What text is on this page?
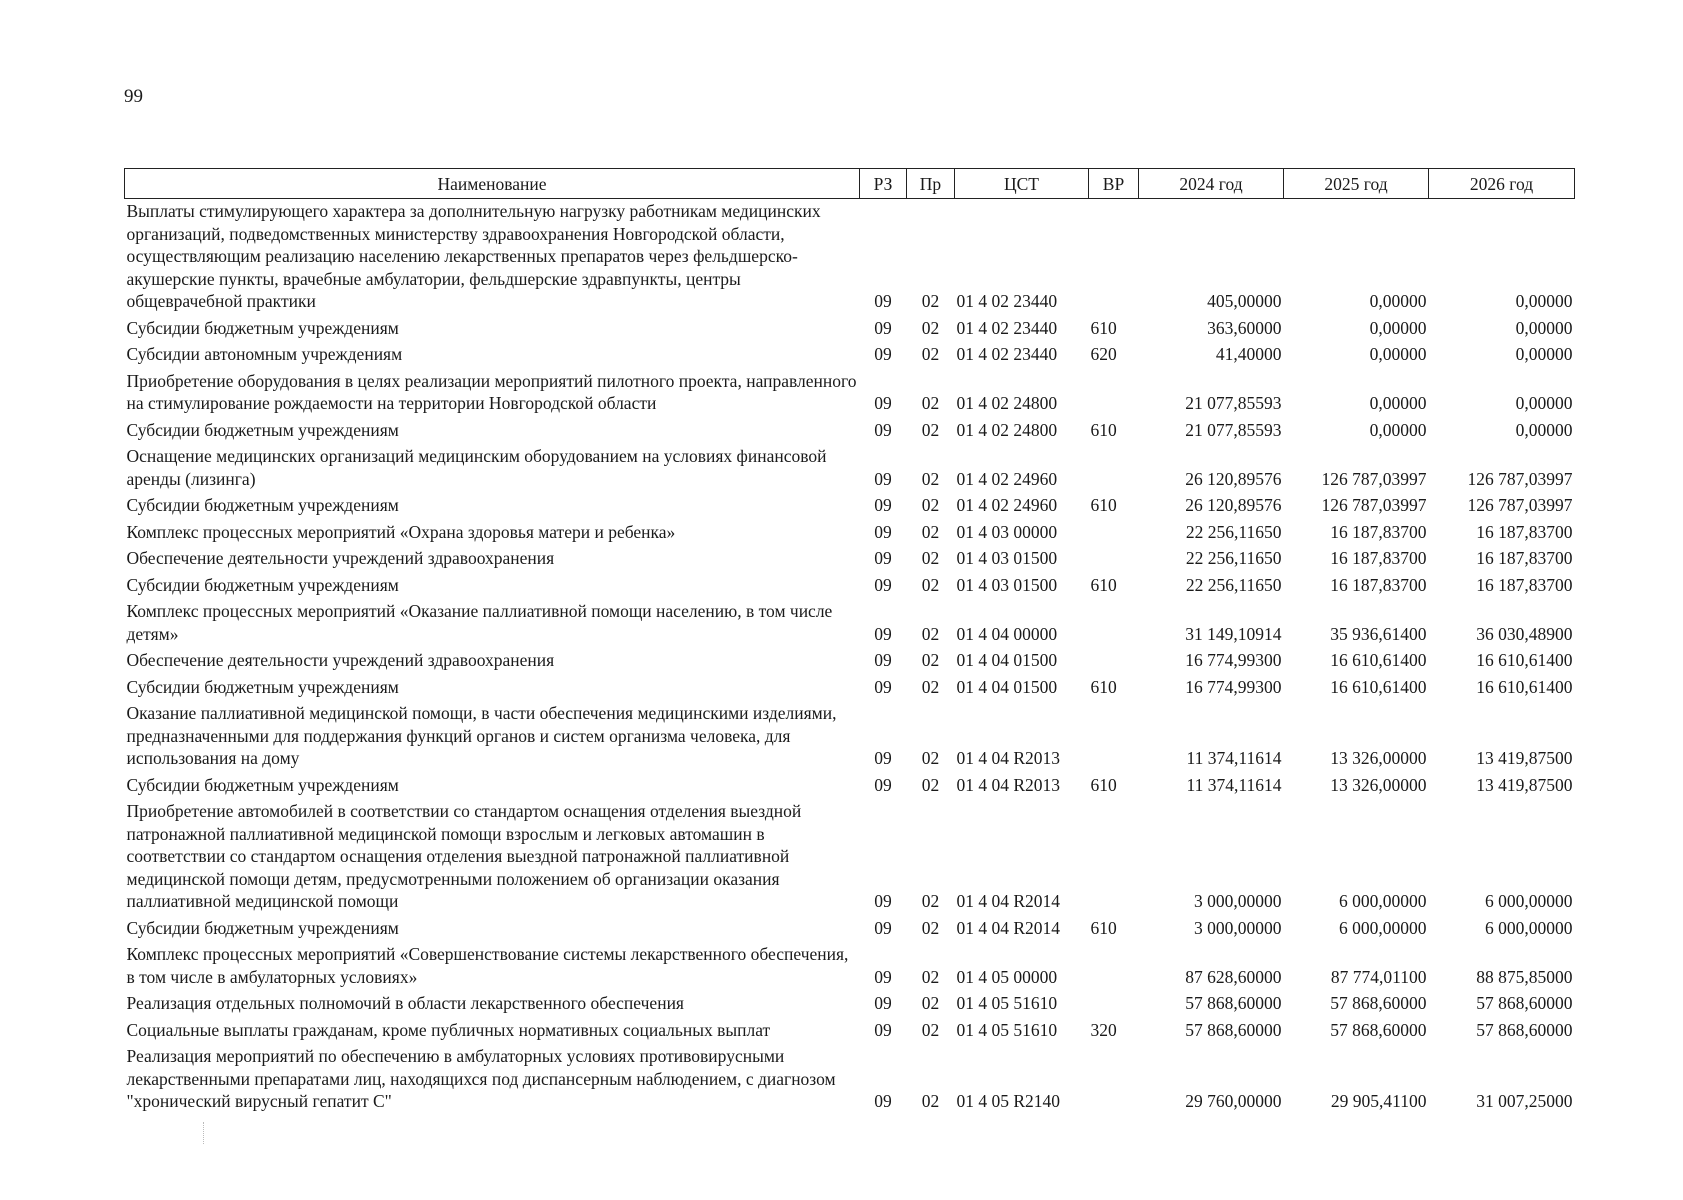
99
Наименование	РЗ	Пр	ЦСТ	ВР	2024 год	2025 год	2026 год
Выплаты стимулирующего характера за дополнительную нагрузку работникам медицинских организаций, подведомственных министерству здравоохранения Новгородской области, осуществляющим реализацию населению лекарственных препаратов через фельдшерско-акушерские пункты, врачебные амбулатории, фельдшерские здравпункты, центры общеврачебной практики	09	02	01 4 02 23440		405,00000	0,00000	0,00000
Субсидии бюджетным учреждениям	09	02	01 4 02 23440	610	363,60000	0,00000	0,00000
Субсидии автономным учреждениям	09	02	01 4 02 23440	620	41,40000	0,00000	0,00000
Приобретение оборудования в целях реализации мероприятий пилотного проекта, направленного на стимулирование рождаемости на территории Новгородской области	09	02	01 4 02 24800		21 077,85593	0,00000	0,00000
Субсидии бюджетным учреждениям	09	02	01 4 02 24800	610	21 077,85593	0,00000	0,00000
Оснащение медицинских организаций медицинским оборудованием на условиях финансовой аренды (лизинга)	09	02	01 4 02 24960		26 120,89576	126 787,03997	126 787,03997
Субсидии бюджетным учреждениям	09	02	01 4 02 24960	610	26 120,89576	126 787,03997	126 787,03997
Комплекс процессных мероприятий «Охрана здоровья матери и ребенка»	09	02	01 4 03 00000		22 256,11650	16 187,83700	16 187,83700
Обеспечение деятельности учреждений здравоохранения	09	02	01 4 03 01500		22 256,11650	16 187,83700	16 187,83700
Субсидии бюджетным учреждениям	09	02	01 4 03 01500	610	22 256,11650	16 187,83700	16 187,83700
Комплекс процессных мероприятий «Оказание паллиативной помощи населению, в том числе детям»	09	02	01 4 04 00000		31 149,10914	35 936,61400	36 030,48900
Обеспечение деятельности учреждений здравоохранения	09	02	01 4 04 01500		16 774,99300	16 610,61400	16 610,61400
Субсидии бюджетным учреждениям	09	02	01 4 04 01500	610	16 774,99300	16 610,61400	16 610,61400
Оказание паллиативной медицинской помощи, в части обеспечения медицинскими изделиями, предназначенными для поддержания функций органов и систем организма человека, для использования на дому	09	02	01 4 04 R2013		11 374,11614	13 326,00000	13 419,87500
Субсидии бюджетным учреждениям	09	02	01 4 04 R2013	610	11 374,11614	13 326,00000	13 419,87500
Приобретение автомобилей в соответствии со стандартом оснащения отделения выездной патронажной паллиативной медицинской помощи взрослым и легковых автомашин в соответствии со стандартом оснащения отделения выездной патронажной паллиативной медицинской помощи детям, предусмотренными положением об организации оказания паллиативной медицинской помощи	09	02	01 4 04 R2014		3 000,00000	6 000,00000	6 000,00000
Субсидии бюджетным учреждениям	09	02	01 4 04 R2014	610	3 000,00000	6 000,00000	6 000,00000
Комплекс процессных мероприятий «Совершенствование системы лекарственного обеспечения, в том числе в амбулаторных условиях»	09	02	01 4 05 00000		87 628,60000	87 774,01100	88 875,85000
Реализация отдельных полномочий в области лекарственного обеспечения	09	02	01 4 05 51610		57 868,60000	57 868,60000	57 868,60000
Социальные выплаты гражданам, кроме публичных нормативных социальных выплат	09	02	01 4 05 51610	320	57 868,60000	57 868,60000	57 868,60000
Реализация мероприятий по обеспечению в амбулаторных условиях противовирусными лекарственными препаратами лиц, находящихся под диспансерным наблюдением, с диагнозом "хронический вирусный гепатит С"	09	02	01 4 05 R2140		29 760,00000	29 905,41100	31 007,25000
